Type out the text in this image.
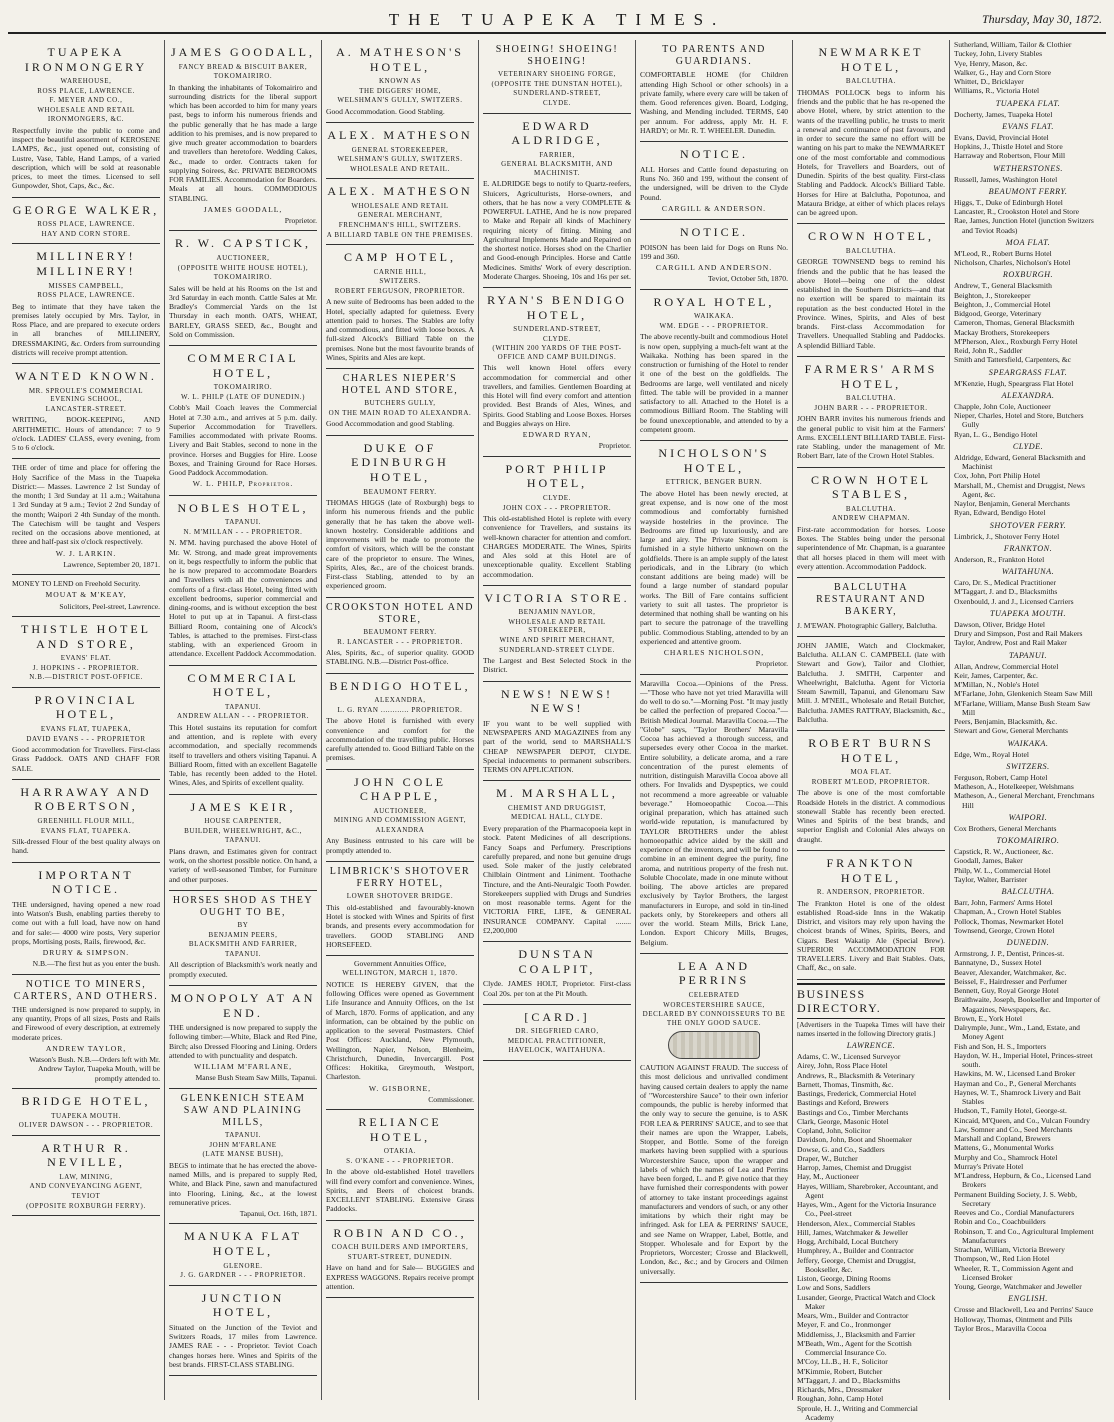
THE TUAPEKA TIMES.	Thursday, May 30, 1872.
TUAPEKA IRONMONGERY
WAREHOUSE,
ROSS PLACE, LAWRENCE.
F. MEYER AND CO.,
WHOLESALE AND RETAIL
IRONMONGERS, &C.
Respectfully invite the public to come and inspect the beautiful assortment of KEROSENE LAMPS, &c., just opened out, consisting of Lustre, Vase, Table, Hand Lamps, of a varied description, which will be sold at reasonable prices, to meet the times. Licensed to sell Gunpowder, Shot, Caps, &c., &c.
GEORGE WALKER,
ROSS PLACE, LAWRENCE.
HAY AND CORN STORE.
MILLINERY! MILLINERY!
MISSES CAMPBELL,
ROSS PLACE, LAWRENCE.
Beg to intimate that they have taken the premises lately occupied by Mrs. Taylor, in Ross Place, and are prepared to execute orders in all branches of MILLINERY, DRESSMAKING, &c. Orders from surrounding districts will receive prompt attention.
WANTED KNOWN.
MR. SPROULE'S COMMERCIAL EVENING SCHOOL,
LANCASTER-STREET.
WRITING, BOOK-KEEPING, AND ARITHMETIC. Hours of attendance: 7 to 9 o'clock. LADIES' CLASS, every evening, from 5 to 6 o'clock.
THE order of time and place for offering the Holy Sacrifice of the Mass in the Tuapeka District:— Masses. Lawrence 2 1st Sunday of the month; 1 3rd Sunday at 11 a.m.; Waitahuna 1 3rd Sunday at 9 a.m.; Teviot 2 2nd Sunday of the month; Waipori 2 4th Sunday of the month. The Catechism will be taught and Vespers recited on the occasions above mentioned, at three and half-past six o'clock respectively.
W. J. LARKIN.
Lawrence, September 20, 1871.
MONEY TO LEND on Freehold Security.
MOUAT & M'KEAY,
Solicitors, Peel-street, Lawrence.
THISTLE HOTEL AND STORE,
EVANS' FLAT.
J. HOPKINS - - PROPRIETOR.
N.B.—DISTRICT POST-OFFICE.
PROVINCIAL HOTEL,
EVANS FLAT, TUAPEKA,
DAVID EVANS - - - PROPRIETOR
Good accommodation for Travellers. First-class Grass Paddock. OATS AND CHAFF FOR SALE.
HARRAWAY AND ROBERTSON,
GREENHILL FLOUR MILL,
EVANS FLAT, TUAPEKA.
Silk-dressed Flour of the best quality always on hand.
IMPORTANT NOTICE.
THE undersigned, having opened a new road into Watson's Bush, enabling parties thereby to come out with a full load, have now on hand and for sale:— 4000 wire posts, Very superior props, Mortising posts, Rails, firewood, &c.
DRURY & SIMPSON.
N.B.—The first hut as you enter the bush.
NOTICE TO MINERS, CARTERS, AND OTHERS.
THE undersigned is now prepared to supply, in any quantity, Props of all sizes, Posts and Rails and Firewood of every description, at extremely moderate prices.
ANDREW TAYLOR,
Watson's Bush. N.B.—Orders left with Mr. Andrew Taylor, Tuapeka Mouth, will be promptly attended to.
BRIDGE HOTEL,
TUAPEKA MOUTH.
OLIVER DAWSON - - - PROPRIETOR.
ARTHUR R. NEVILLE,
LAW, MINING,
AND CONVEYANCING AGENT,
TEVIOT
(OPPOSITE ROXBURGH FERRY).
JAMES GOODALL,
FANCY BREAD & BISCUIT BAKER,
TOKOMAIRIRO.
In thanking the inhabitants of Tokomairiro and surrounding districts for the liberal support which has been accorded to him for many years past, begs to inform his numerous friends and the public generally that he has made a large addition to his premises, and is now prepared to give much greater accommodation to boarders and travellers than heretofore. Wedding Cakes, &c., made to order. Contracts taken for supplying Soirees, &c. PRIVATE BEDROOMS FOR FAMILIES. Accommodation for Boarders. Meals at all hours. COMMODIOUS STABLING.
JAMES GOODALL,
Proprietor.
R. W. CAPSTICK,
AUCTIONEER,
(OPPOSITE WHITE HOUSE HOTEL),
TOKOMAIRIRO.
Sales will be held at his Rooms on the 1st and 3rd Saturday in each month. Cattle Sales at Mr. Bradley's Commercial Yards on the 1st Thursday in each month. OATS, WHEAT, BARLEY, GRASS SEED, &c., Bought and Sold on Commission.
COMMERCIAL HOTEL,
TOKOMAIRIRO.
W. L. PHILP (LATE OF DUNEDIN.)
Cobb's Mail Coach leaves the Commercial Hotel at 7.30 a.m., and arrives at 5 p.m. daily. Superior Accommodation for Travellers. Families accommodated with private Rooms. Livery and Bait Stables, second to none in the province. Horses and Buggies for Hire. Loose Boxes, and Training Ground for Race Horses. Good Paddock Accommodation.
W. L. PHILP, Proprietor.
NOBLES HOTEL,
TAPANUI.
N. M'MILLAN - - - PROPRIETOR.
N. M'M. having purchased the above Hotel of Mr. W. Strong, and made great improvements on it, begs respectfully to inform the public that he is now prepared to accommodate Boarders and Travellers with all the conveniences and comforts of a first-class Hotel, being fitted with excellent bedrooms, superior commercial and dining-rooms, and is without exception the best Hotel to put up at in Tapanui. A first-class Billiard Room, containing one of Alcock's Tables, is attached to the premises. First-class stabling, with an experienced Groom in attendance. Excellent Paddock Accommodation.
COMMERCIAL HOTEL,
TAPANUI.
ANDREW ALLAN - - - PROPRIETOR.
This Hotel sustains its reputation for comfort and attention, and is replete with every accommodation, and specially recommends itself to travellers and others visiting Tapanui. A Billiard Room, fitted with an excellent Bagatelle Table, has recently been added to the Hotel. Wines, Ales, and Spirits of excellent quality.
JAMES KEIR,
HOUSE CARPENTER,
BUILDER, WHEELWRIGHT, &C.,
TAPANUI.
Plans drawn, and Estimates given for contract work, on the shortest possible notice. On hand, a variety of well-seasoned Timber, for Furniture and other purposes.
HORSES SHOD AS THEY OUGHT TO BE,
BY
BENJAMIN PEERS,
BLACKSMITH AND FARRIER,
TAPANUI.
All description of Blacksmith's work neatly and promptly executed.
MONOPOLY AT AN END.
THE undersigned is now prepared to supply the following timber:—White, Black and Red Pine, Birch; also Dressed Flooring and Lining. Orders attended to with punctuality and despatch.
WILLIAM M'FARLANE,
Manse Bush Steam Saw Mills, Tapanui.
GLENKENICH STEAM SAW AND PLAINING MILLS,
TAPANUI.
JOHN M'FARLANE
(LATE MANSE BUSH),
BEGS to intimate that he has erected the above-named Mills, and is prepared to supply Red, White, and Black Pine, sawn and manufactured into Flooring, Lining, &c., at the lowest remunerative prices.
Tapanui, Oct. 16th, 1871.
MANUKA FLAT HOTEL,
GLENORE.
J. G. GARDNER - - - PROPRIETOR.
JUNCTION HOTEL,
Situated on the Junction of the Teviot and Switzers Roads, 17 miles from Lawrence. JAMES RAE - - - Proprietor. Teviot Coach changes horses here. Wines and Spirits of the best brands. FIRST-CLASS STABLING.
A. MATHESON'S HOTEL,
KNOWN AS
THE DIGGERS' HOME,
WELSHMAN'S GULLY, SWITZERS.
Good Accommodation. Good Stabling.
ALEX. MATHESON
GENERAL STOREKEEPER,
WELSHMAN'S GULLY, SWITZERS.
WHOLESALE AND RETAIL.
ALEX. MATHESON
WHOLESALE AND RETAIL
GENERAL MERCHANT,
FRENCHMAN'S HILL, SWITZERS.
A BILLIARD TABLE ON THE PREMISES.
CAMP HOTEL,
CARNIE HILL,
SWITZERS.
ROBERT FERGUSON, PROPRIETOR.
A new suite of Bedrooms has been added to the Hotel, specially adapted for quietness. Every attention paid to horses. The Stables are lofty and commodious, and fitted with loose boxes. A full-sized Alcock's Billiard Table on the premises. None but the most favourite brands of Wines, Spirits and Ales are kept.
CHARLES NIEPER'S HOTEL AND STORE,
BUTCHERS GULLY,
ON THE MAIN ROAD TO ALEXANDRA.
Good Accommodation and good Stabling.
DUKE OF EDINBURGH HOTEL,
BEAUMONT FERRY.
THOMAS HIGGS (late of Roxburgh) begs to inform his numerous friends and the public generally that he has taken the above well-known hostelry. Considerable additions and improvements will be made to promote the comfort of visitors, which will be the constant care of the proprietor to ensure. The Wines, Spirits, Ales, &c., are of the choicest brands. First-class Stabling, attended to by an experienced groom.
CROOKSTON HOTEL AND STORE,
BEAUMONT FERRY.
R. LANCASTER - - - PROPRIETOR.
Ales, Spirits, &c., of superior quality. GOOD STABLING. N.B.—District Post-office.
BENDIGO HOTEL,
ALEXANDRA,
L. G. RYAN ............ PROPRIETOR.
The above Hotel is furnished with every convenience and comfort for the accommodation of the travelling public. Horses carefully attended to. Good Billiard Table on the premises.
JOHN COLE CHAPPLE,
AUCTIONEER,
MINING AND COMMISSION AGENT,
ALEXANDRA
Any Business entrusted to his care will be promptly attended to.
LIMBRICK'S SHOTOVER FERRY HOTEL,
LOWER SHOTOVER BRIDGE.
This old-established and favourably-known Hotel is stocked with Wines and Spirits of first brands, and presents every accommodation for travellers. GOOD STABLING AND HORSEFEED.
Government Annuities Office,
WELLINGTON, MARCH 1, 1870.
NOTICE IS HEREBY GIVEN, that the following Offices were opened as Government Life Insurance and Annuity Offices, on the 1st of March, 1870. Forms of application, and any information, can be obtained by the public on application to the several Postmasters. Chief Post Offices: Auckland, New Plymouth, Wellington, Napier, Nelson, Blenheim, Christchurch, Dunedin, Invercargill. Post Offices: Hokitika, Greymouth, Westport, Charleston.
W. GISBORNE,
Commissioner.
RELIANCE HOTEL,
OTAKIA.
S. O'KANE - - - PROPRIETOR.
In the above old-established Hotel travellers will find every comfort and convenience. Wines, Spirits, and Beers of choicest brands. EXCELLENT STABLING. Extensive Grass Paddocks.
ROBIN AND CO.,
COACH BUILDERS AND IMPORTERS,
STUART-STREET, DUNEDIN.
Have on hand and for Sale— BUGGIES and EXPRESS WAGGONS. Repairs receive prompt attention.
SHOEING! SHOEING! SHOEING!
VETERINARY SHOEING FORGE,
(OPPOSITE THE DUNSTAN HOTEL),
SUNDERLAND-STREET,
CLYDE.
EDWARD ALDRIDGE,
FARRIER,
GENERAL BLACKSMITH, AND MACHINIST.
E. ALDRIDGE begs to notify to Quartz-reefers, Sluicers, Agriculturists, Horse-owners, and others, that he has now a very COMPLETE & POWERFUL LATHE, And he is now prepared to Make and Repair all kinds of Machinery requiring nicety of fitting. Mining and Agricultural Implements Made and Repaired on the shortest notice. Horses shod on the Charlier and Good-enough Principles. Horse and Cattle Medicines. Smiths' Work of every description. Moderate Charges. Shoeing, 10s and 16s per set.
RYAN'S BENDIGO HOTEL,
SUNDERLAND-STREET,
CLYDE.
(WITHIN 200 YARDS OF THE POST-OFFICE AND CAMP BUILDINGS.
This well known Hotel offers every accommodation for commercial and other travellers, and families. Gentlemen Boarding at this Hotel will find every comfort and attention provided. Best Brands of Ales, Wines, and Spirits. Good Stabling and Loose Boxes. Horses and Buggies always on Hire.
EDWARD RYAN,
Proprietor.
PORT PHILIP HOTEL,
CLYDE.
JOHN COX - - - PROPRIETOR.
This old-established Hotel is replete with every convenience for Travellers, and sustains its well-known character for attention and comfort. CHARGES MODERATE. The Wines, Spirits and Ales sold at this Hotel are of unexceptionable quality. Excellent Stabling accommodation.
VICTORIA STORE.
BENJAMIN NAYLOR,
WHOLESALE AND RETAIL STOREKEEPER,
WINE AND SPIRIT MERCHANT,
SUNDERLAND-STREET CLYDE.
The Largest and Best Selected Stock in the District.
NEWS! NEWS! NEWS!
IF you want to be well supplied with NEWSPAPERS AND MAGAZINES from any part of the world, send to MARSHALL'S CHEAP NEWSPAPER DEPOT, CLYDE. Special inducements to permanent subscribers. TERMS ON APPLICATION.
M. MARSHALL,
CHEMIST AND DRUGGIST,
MEDICAL HALL, CLYDE.
Every preparation of the Pharmacopoeia kept in stock. Patent Medicines of all descriptions. Fancy Soaps and Perfumery. Prescriptions carefully prepared, and none but genuine drugs used. Sole maker of the justly celebrated Chilblain Ointment and Liniment. Toothache Tincture, and the Anti-Neuralgic Tooth Powder. Storekeepers supplied with Drugs and Sundries on most reasonable terms. Agent for the VICTORIA FIRE, LIFE, & GENERAL INSURANCE COMPANY. Capital ........ £2,200,000
DUNSTAN COALPIT,
Clyde. JAMES HOLT, Proprietor. First-class Coal 20s. per ton at the Pit Mouth.
[CARD.]
DR. SIEGFRIED CARO,
MEDICAL PRACTITIONER,
HAVELOCK, WAITAHUNA.
TO PARENTS AND GUARDIANS.
COMFORTABLE HOME (for Children attending High School or other schools) in a private family, where every care will be taken of them. Good references given. Board, Lodging, Washing, and Mending included. TERMS, £40 per annum. For address, apply Mr. H. F. HARDY; or Mr. R. T. WHEELER. Dunedin.
NOTICE.
ALL Horses and Cattle found depasturing on Runs No. 360 and 199, without the consent of the undersigned, will be driven to the Clyde Pound.
CARGILL & ANDERSON.
NOTICE.
POISON has been laid for Dogs on Runs No. 199 and 360.
CARGILL AND ANDERSON.
Teviot, October 5th, 1870.
ROYAL HOTEL,
WAIKAKA.
WM. EDGE - - - PROPRIETOR.
The above recently-built and commodious Hotel is now open, supplying a much-felt want at the Waikaka. Nothing has been spared in the construction or furnishing of the Hotel to render it one of the best on the goldfields. The Bedrooms are large, well ventilated and nicely fitted. The table will be provided in a manner satisfactory to all. Attached to the Hotel is a commodious Billiard Room. The Stabling will be found unexceptionable, and attended to by a competent groom.
NICHOLSON'S HOTEL,
ETTRICK, BENGER BURN.
The above Hotel has been newly erected, at great expense, and is now one of the most commodious and comfortably furnished wayside hostelries in the province. The Bedrooms are fitted up luxuriously, and are large and airy. The Private Sitting-room is furnished in a style hitherto unknown on the goldfields. There is an ample supply of the latest periodicals, and in the Library (to which constant additions are being made) will be found a large number of standard popular works. The Bill of Fare contains sufficient variety to suit all tastes. The proprietor is determined that nothing shall be wanting on his part to secure the patronage of the travelling public. Commodious Stabling, attended to by an experienced and attentive groom.
CHARLES NICHOLSON,
Proprietor.
Maravilla Cocoa.—Opinions of the Press.—"Those who have not yet tried Maravilla will do well to do so."—Morning Post. "It may justly be called the perfection of prepared Cocoa."—British Medical Journal. Maravilla Cocoa.—The "Globe" says, "Taylor Brothers' Maravilla Cocoa has achieved a thorough success, and supersedes every other Cocoa in the market. Entire solubility, a delicate aroma, and a rare concentration of the purest elements of nutrition, distinguish Maravilla Cocoa above all others. For Invalids and Dyspeptics, we could not recommend a more agreeable or valuable beverage." Homoeopathic Cocoa.—This original preparation, which has attained such world-wide reputation, is manufactured by TAYLOR BROTHERS under the ablest homoeopathic advice aided by the skill and experience of the inventors, and will be found to combine in an eminent degree the purity, fine aroma, and nutritious property of the fresh nut. Soluble Chocolate, made in one minute without boiling. The above articles are prepared exclusively by Taylor Brothers, the largest manufacturers in Europe, and sold in tin-lined packets only, by Storekeepers and others all over the world. Steam Mills, Brick Lane, London. Export Chicory Mills, Bruges, Belgium.
LEA AND PERRINS
CELEBRATED
WORCESTERSHIRE SAUCE,
DECLARED BY CONNOISSEURS TO BE THE ONLY GOOD SAUCE.
CAUTION AGAINST FRAUD. The success of this most delicious and unrivalled condiment having caused certain dealers to apply the name of "Worcestershire Sauce" to their own inferior compounds, the public is hereby informed that the only way to secure the genuine, is to ASK FOR LEA & PERRINS' SAUCE, and to see that their names are upon the Wrapper, Labels, Stopper, and Bottle. Some of the foreign markets having been supplied with a spurious Worcestershire Sauce, upon the wrapper and labels of which the names of Lea and Perrins have been forged, L. and P. give notice that they have furnished their correspondents with power of attorney to take instant proceedings against manufacturers and vendors of such, or any other imitations by which their right may be infringed. Ask for LEA & PERRINS' SAUCE, and see Name on Wrapper, Label, Bottle, and Stopper. Wholesale and for Export by the Proprietors, Worcester; Crosse and Blackwell, London, &c., &c.; and by Grocers and Oilmen universally.
NEWMARKET HOTEL,
BALCLUTHA.
THOMAS POLLOCK begs to inform his friends and the public that he has re-opened the above Hotel, where, by strict attention to the wants of the travelling public, he trusts to merit a renewal and continuance of past favours, and in order to secure the same no effort will be wanting on his part to make the NEWMARKET one of the most comfortable and commodious Hotels, for Travellers and Boarders, out of Dunedin. Spirits of the best quality. First-class Stabling and Paddock. Alcock's Billiard Table. Horses for Hire at Balclutha, Popotunoa, and Mataura Bridge, at either of which places relays can be agreed upon.
CROWN HOTEL,
BALCLUTHA.
GEORGE TOWNSEND begs to remind his friends and the public that he has leased the above Hotel—being one of the oldest established in the Southern Districts—and that no exertion will be spared to maintain its reputation as the best conducted Hotel in the Province. Wines, Spirits, and Ales of best brands. First-class Accommodation for Travellers. Unequalled Stabling and Paddocks. A splendid Billiard Table.
FARMERS' ARMS HOTEL,
BALCLUTHA.
JOHN BARR - - - PROPRIETOR.
JOHN BARR invites his numerous friends and the general public to visit him at the Farmers' Arms. EXCELLENT BILLIARD TABLE. First-rate Stabling, under the management of Mr. Robert Barr, late of the Crown Hotel Stables.
CROWN HOTEL STABLES,
BALCLUTHA.
ANDREW CHAPMAN.
First-rate accommodation for horses. Loose Boxes. The Stables being under the personal superintendence of Mr. Chapman, is a guarantee that all horses placed in them will meet with every attention. Accommodation Paddock.
BALCLUTHA RESTAURANT AND BAKERY,
J. M'EWAN. Photographic Gallery, Balclutha.
JOHN JAMIE, Watch and Clockmaker, Balclutha. ALLAN C. CAMPBELL (late with Stewart and Gow), Tailor and Clothier, Balclutha. J. SMITH, Carpenter and Wheelwright, Balclutha. Agent for Victoria Steam Sawmill, Tapanui, and Glenomaru Saw Mill. J. M'NEIL, Wholesale and Retail Butcher, Balclutha. JAMES RATTRAY, Blacksmith, &c., Balclutha.
ROBERT BURNS HOTEL,
MOA FLAT.
ROBERT M'LEOD, PROPRIETOR.
The above is one of the most comfortable Roadside Hotels in the district. A commodious stonewall Stable has recently been erected. Wines and Spirits of the best brands, and superior English and Colonial Ales always on draught.
FRANKTON HOTEL,
R. ANDERSON, PROPRIETOR.
The Frankton Hotel is one of the oldest established Road-side Inns in the Wakatip District, and visitors may rely upon having the choicest brands of Wines, Spirits, Beers, and Cigars. Best Wakatip Ale (Special Brew). SUPERIOR ACCOMMODATION FOR TRAVELLERS. Livery and Bait Stables. Oats, Chaff, &c., on sale.
BUSINESS DIRECTORY.
[Advertisers in the Tuapeka Times will have their names inserted in the following Directory gratis.]
LAWRENCE.
Adams, C. W., Licensed Surveyor
Airey, John, Ross Place Hotel
Andrews, R., Blacksmith & Veterinary
Barnett, Thomas, Tinsmith, &c.
Bastings, Frederick, Commercial Hotel
Bastings and Keford, Brewers
Bastings and Co., Timber Merchants
Clark, George, Masonic Hotel
Copland, John, Solicitor
Davidson, John, Boot and Shoemaker
Dowse, G. and Co., Saddlers
Draper, W., Butcher
Harrop, James, Chemist and Druggist
Hay, M., Auctioneer
Hayes, William, Sharebroker, Accountant, and Agent
Hayes, Wm., Agent for the Victoria Insurance Co., Peel-street
Henderson, Alex., Commercial Stables
Hill, James, Watchmaker & Jeweller
Hogg, Archibald, Local Butchery
Humphrey, A., Builder and Contractor
Jeffery, George, Chemist and Druggist, Bookseller, &c.
Liston, George, Dining Rooms
Low and Sons, Saddlers
Lusander, George, Practical Watch and Clock Maker
Mears, Wm., Builder and Contractor
Meyer, F. and Co., Ironmonger
Middlemiss, J., Blacksmith and Farrier
M'Beath, Wm., Agent for the Scottish Commercial Insurance Co.
M'Coy, LL.B., H. F., Solicitor
M'Kimmie, Robert, Butcher
M'Taggart, J. and D., Blacksmiths
Richards, Mrs., Dressmaker
Roughan, John, Camp Hotel
Sproule, H. J., Writing and Commercial Academy
Sutherland, William, Tailor & Clothier
Tuckey, John, Livery Stables
Vye, Henry, Mason, &c.
Walker, G., Hay and Corn Store
Whittet, D., Bricklayer
Williams, R., Victoria Hotel
TUAPEKA FLAT.
Docherty, James, Tuapeka Hotel
EVANS FLAT.
Evans, David, Provincial Hotel
Hopkins, J., Thistle Hotel and Store
Harraway and Robertson, Flour Mill
WETHERSTONES.
Russell, James, Washington Hotel
BEAUMONT FERRY.
Higgs, T., Duke of Edinburgh Hotel
Lancaster, R., Crookston Hotel and Store
Rae, James, Junction Hotel (junction Switzers and Teviot Roads)
MOA FLAT.
M'Leod, R., Robert Burns Hotel
Nicholson, Charles, Nicholson's Hotel
ROXBURGH.
Andrew, T., General Blacksmith
Beighton, J., Storekeeper
Beighton, J., Commercial Hotel
Bidgood, George, Veterinary
Cameron, Thomas, General Blacksmith
Mackay Brothers, Storekeepers
M'Pherson, Alex., Roxburgh Ferry Hotel
Reid, John R., Saddler
Smith and Tattersfield, Carpenters, &c
SPEARGRASS FLAT.
M'Kenzie, Hugh, Speargrass Flat Hotel
ALEXANDRA.
Chapple, John Cole, Auctioneer
Nieper, Charles, Hotel and Store, Butchers Gully
Ryan, L. G., Bendigo Hotel
CLYDE.
Aldridge, Edward, General Blacksmith and Machinist
Cox, John, Port Philip Hotel
Marshall, M., Chemist and Druggist, News Agent, &c.
Naylor, Benjamin, General Merchants
Ryan, Edward, Bendigo Hotel
SHOTOVER FERRY.
Limbrick, J., Shotover Ferry Hotel
FRANKTON.
Anderson, R., Frankton Hotel
WAITAHUNA.
Caro, Dr. S., Medical Practitioner
M'Taggart, J. and D., Blacksmiths
Oxenbould, J. and J., Licensed Carriers
TUAPEKA MOUTH.
Dawson, Oliver, Bridge Hotel
Drury and Simpson, Post and Rail Makers
Taylor, Andrew, Post and Rail Maker
TAPANUI.
Allan, Andrew, Commercial Hotel
Keir, James, Carpenter, &c.
M'Millan, N., Noble's Hotel
M'Farlane, John, Glenkenich Steam Saw Mill
M'Farlane, William, Manse Bush Steam Saw Mill
Peers, Benjamin, Blacksmith, &c.
Stewart and Gow, General Merchants
WAIKAKA.
Edge, Wm., Royal Hotel
SWITZERS.
Ferguson, Robert, Camp Hotel
Matheson, A., Hotelkeeper, Welshmans
Matheson, A., General Merchant, Frenchmans Hill
WAIPORI.
Cox Brothers, General Merchants
TOKOMAIRIRO.
Capstick, R. W., Auctioneer, &c.
Goodall, James, Baker
Philp, W. L., Commercial Hotel
Taylor, Walter, Barrister
BALCLUTHA.
Barr, John, Farmers' Arms Hotel
Chapman, A., Crown Hotel Stables
Pollock, Thomas, Newmarket Hotel
Townsend, George, Crown Hotel
DUNEDIN.
Armstrong, J. P., Dentist, Princes-st.
Bannatyne, D., Sussex Hotel
Beaver, Alexander, Watchmaker, &c.
Beissel, F., Hairdresser and Perfumer
Bennett, Guy, Royal George Hotel
Braithwaite, Joseph, Bookseller and Importer of Magazines, Newspapers, &c.
Brown, E., York Hotel
Dalrymple, Junr., Wm., Land, Estate, and Money Agent
Fish and Son, H. S., Importers
Haydon, W. H., Imperial Hotel, Princes-street south.
Hawkins, M. W., Licensed Land Broker
Hayman and Co., P., General Merchants
Haynes, W. T., Shamrock Livery and Bait Stables
Hudson, T., Family Hotel, George-st.
Kincaid, M'Queen, and Co., Vulcan Foundry
Law, Somner and Co., Seed Merchants
Marshall and Copland, Brewers
Mattens, G., Monumental Works
Murphy and Co., Shamrock Hotel
Murray's Private Hotel
M'Landress, Hepburn, & Co., Licensed Land Brokers
Permanent Building Society, J. S. Webb, Secretary
Reeves and Co., Cordial Manufacturers
Robin and Co., Coachbuilders
Robinson, T. and Co., Agricultural Implement Manufacturers
Strachan, William, Victoria Brewery
Thompson, W., Red Lion Hotel
Wheeler, R. T., Commission Agent and Licensed Broker
Young, George, Watchmaker and Jeweller
ENGLISH.
Crosse and Blackwell, Lea and Perrins' Sauce
Holloway, Thomas, Ointment and Pills
Taylor Bros., Maravilla Cocoa
